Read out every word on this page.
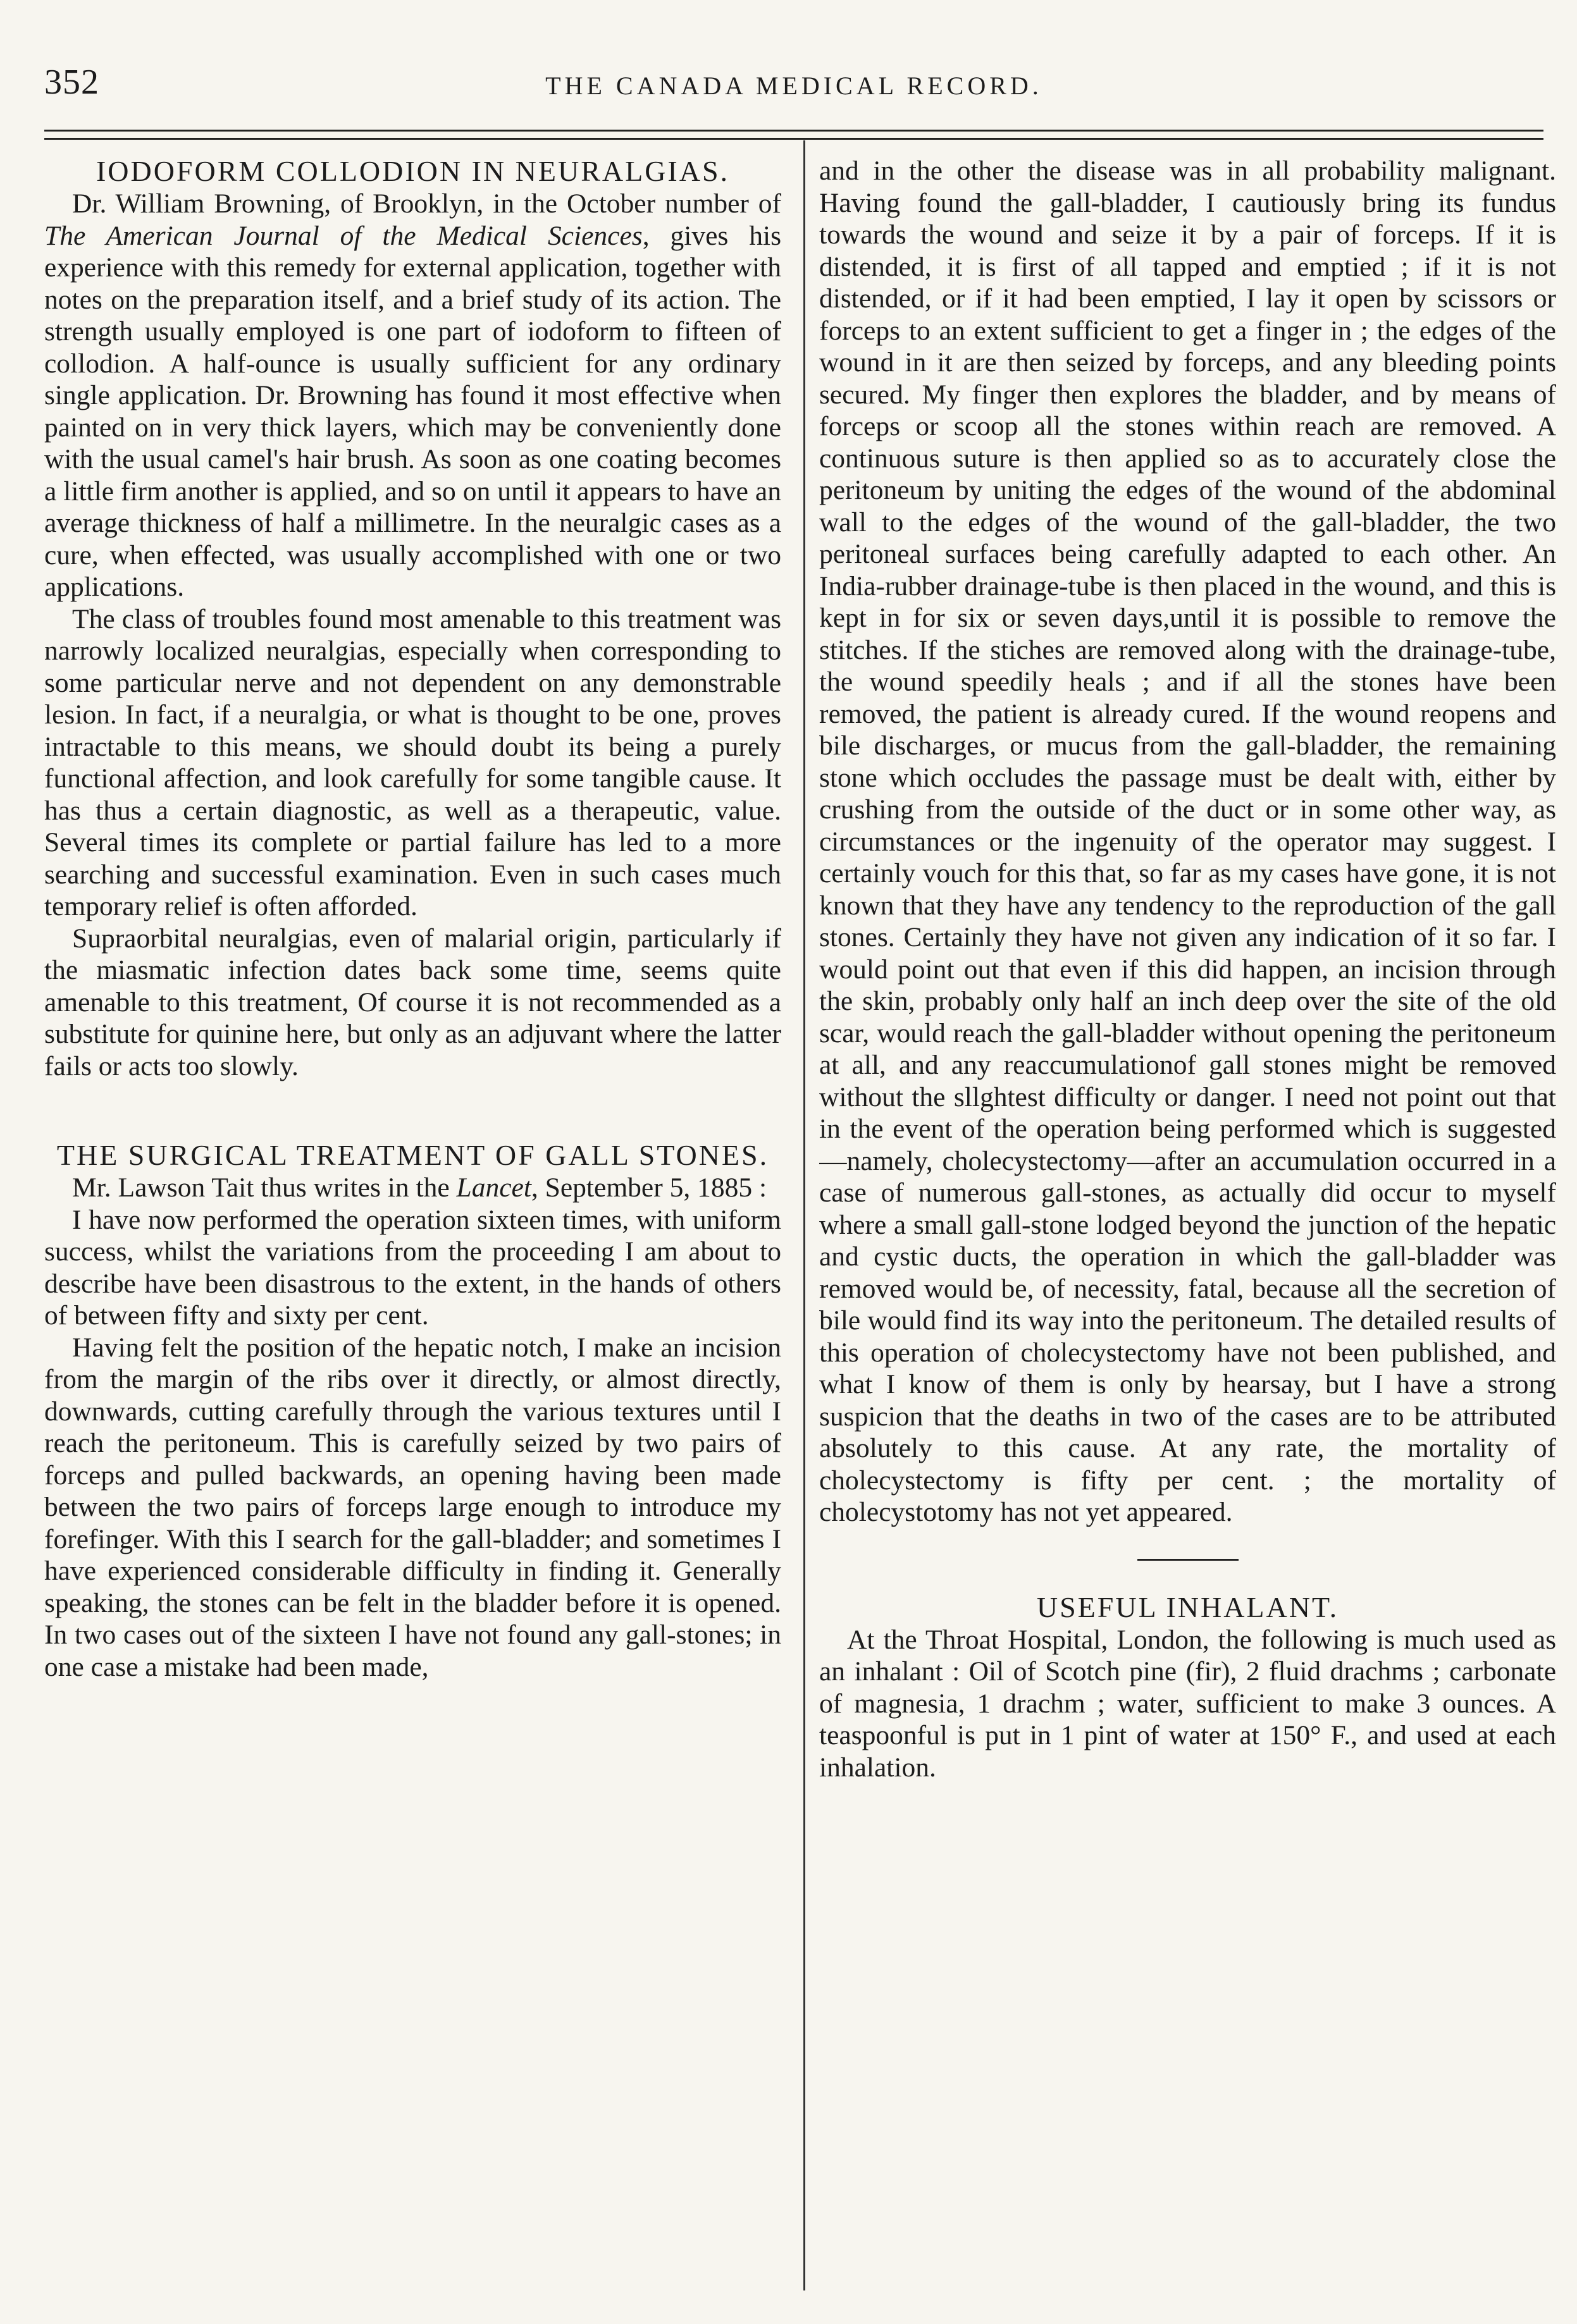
352	THE CANADA MEDICAL RECORD.
IODOFORM COLLODION IN NEURALGIAS.

Dr. William Browning, of Brooklyn, in the October number of The American Journal of the Medical Sciences, gives his experience with this remedy for external application, together with notes on the preparation itself, and a brief study of its action. The strength usually employed is one part of iodoform to fifteen of collodion. A half-ounce is usually sufficient for any ordinary single application. Dr. Browning has found it most effective when painted on in very thick layers, which may be conveniently done with the usual camel's hair brush. As soon as one coating becomes a little firm another is applied, and so on until it appears to have an average thickness of half a millimetre. In the neuralgic cases as a cure, when effected, was usually accomplished with one or two applications.

The class of troubles found most amenable to this treatment was narrowly localized neuralgias, especially when corresponding to some particular nerve and not dependent on any demonstrable lesion. In fact, if a neuralgia, or what is thought to be one, proves intractable to this means, we should doubt its being a purely functional affection, and look carefully for some tangible cause. It has thus a certain diagnostic, as well as a therapeutic, value. Several times its complete or partial failure has led to a more searching and successful examination. Even in such cases much temporary relief is often afforded.

Supraorbital neuralgias, even of malarial origin, particularly if the miasmatic infection dates back some time, seems quite amenable to this treatment, Of course it is not recommended as a substitute for quinine here, but only as an adjuvant where the latter fails or acts too slowly.

THE SURGICAL TREATMENT OF GALL STONES.

Mr. Lawson Tait thus writes in the Lancet, September 5, 1885 :

I have now performed the operation sixteen times, with uniform success, whilst the variations from the proceeding I am about to describe have been disastrous to the extent, in the hands of others of between fifty and sixty per cent.

Having felt the position of the hepatic notch, I make an incision from the margin of the ribs over it directly, or almost directly, downwards, cutting carefully through the various textures until I reach the peritoneum. This is carefully seized by two pairs of forceps and pulled backwards, an opening having been made between the two pairs of forceps large enough to introduce my forefinger. With this I search for the gall-bladder; and sometimes I have experienced considerable difficulty in finding it. Generally speaking, the stones can be felt in the bladder before it is opened. In two cases out of the sixteen I have not found any gall-stones; in one case a mistake had been made,

and in the other the disease was in all probability malignant. Having found the gall-bladder, I cautiously bring its fundus towards the wound and seize it by a pair of forceps. If it is distended, it is first of all tapped and emptied ; if it is not distended, or if it had been emptied, I lay it open by scissors or forceps to an extent sufficient to get a finger in ; the edges of the wound in it are then seized by forceps, and any bleeding points secured. My finger then explores the bladder, and by means of forceps or scoop all the stones within reach are removed. A continuous suture is then applied so as to accurately close the peritoneum by uniting the edges of the wound of the abdominal wall to the edges of the wound of the gall-bladder, the two peritoneal surfaces being carefully adapted to each other. An India-rubber drainage-tube is then placed in the wound, and this is kept in for six or seven days,until it is possible to remove the stitches. If the stiches are removed along with the drainage-tube, the wound speedily heals ; and if all the stones have been removed, the patient is already cured. If the wound reopens and bile discharges, or mucus from the gall-bladder, the remaining stone which occludes the passage must be dealt with, either by crushing from the outside of the duct or in some other way, as circumstances or the ingenuity of the operator may suggest. I certainly vouch for this that, so far as my cases have gone, it is not known that they have any tendency to the reproduction of the gall stones. Certainly they have not given any indication of it so far. I would point out that even if this did happen, an incision through the skin, probably only half an inch deep over the site of the old scar, would reach the gall-bladder without opening the peritoneum at all, and any reaccumulationof gall stones might be removed without the sllghtest difficulty or danger. I need not point out that in the event of the operation being performed which is suggested—namely, cholecystectomy—after an accumulation occurred in a case of numerous gall-stones, as actually did occur to myself where a small gall-stone lodged beyond the junction of the hepatic and cystic ducts, the operation in which the gall-bladder was removed would be, of necessity, fatal, because all the secretion of bile would find its way into the peritoneum. The detailed results of this operation of cholecystectomy have not been published, and what I know of them is only by hearsay, but I have a strong suspicion that the deaths in two of the cases are to be attributed absolutely to this cause. At any rate, the mortality of cholecystectomy is fifty per cent. ; the mortality of cholecystotomy has not yet appeared.

USEFUL INHALANT.

At the Throat Hospital, London, the following is much used as an inhalant : Oil of Scotch pine (fir), 2 fluid drachms ; carbonate of magnesia, 1 drachm ; water, sufficient to make 3 ounces. A teaspoonful is put in 1 pint of water at 150° F., and used at each inhalation.
